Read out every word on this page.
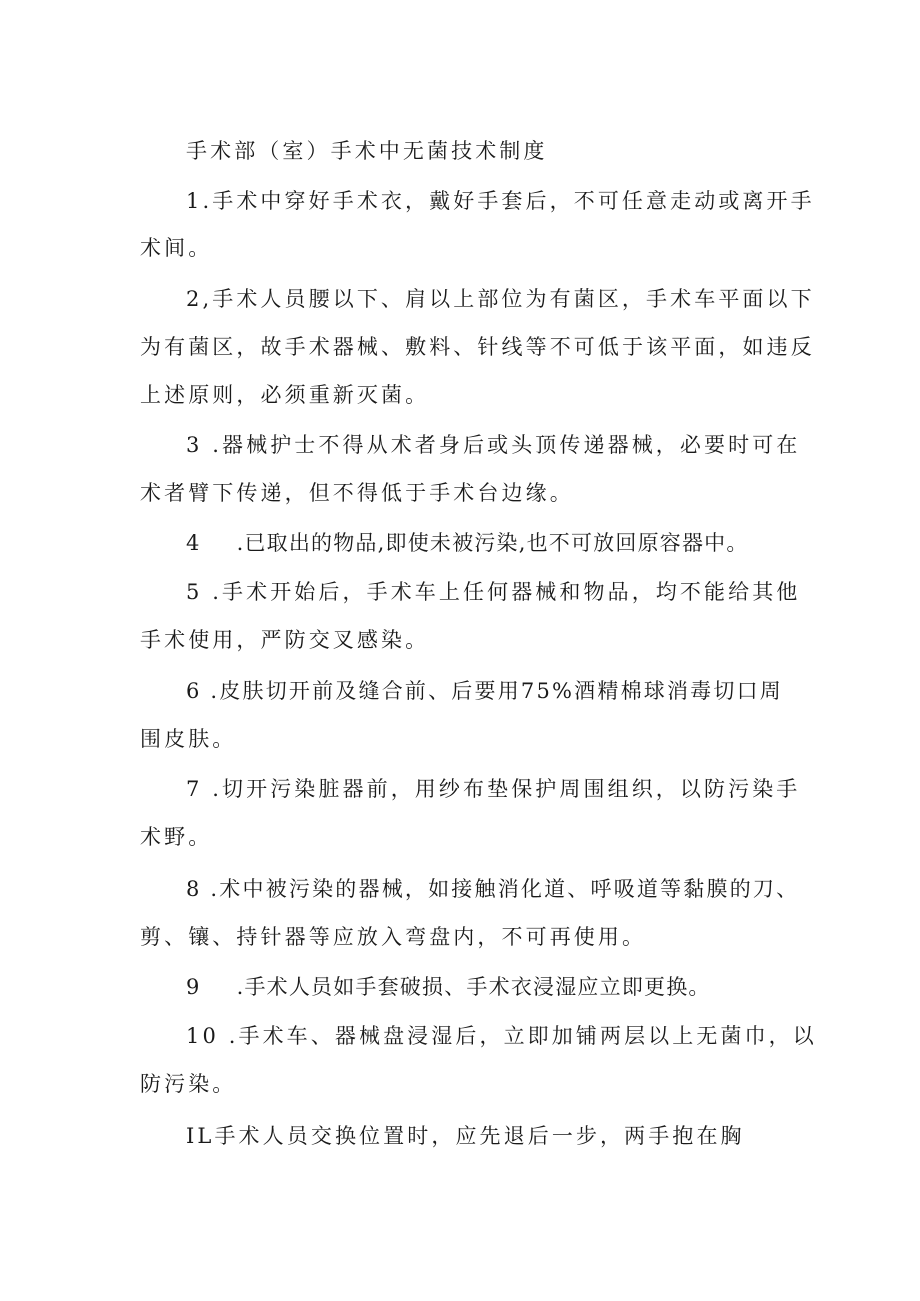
手术部（室）手术中无菌技术制度
1.手术中穿好手术衣，戴好手套后，不可任意走动或离开手
术间。
2,手术人员腰以下、肩以上部位为有菌区，手术车平面以下
为有菌区，故手术器械、敷料、针线等不可低于该平面，如违反
上述原则，必须重新灭菌。
3 .器械护士不得从术者身后或头顶传递器械，必要时可在
术者臂下传递，但不得低于手术台边缘。
4 .已取出的物品,即使未被污染,也不可放回原容器中。
5 .手术开始后，手术车上任何器械和物品，均不能给其他
手术使用，严防交叉感染。
6 .皮肤切开前及缝合前、后要用75%酒精棉球消毒切口周
围皮肤。
7 .切开污染脏器前，用纱布垫保护周围组织，以防污染手
术野。
8 .术中被污染的器械，如接触消化道、呼吸道等黏膜的刀、
剪、镶、持针器等应放入弯盘内，不可再使用。
9 .手术人员如手套破损、手术衣浸湿应立即更换。
10 .手术车、器械盘浸湿后，立即加铺两层以上无菌巾，以
防污染。
IL手术人员交换位置时，应先退后一步，两手抱在胸
